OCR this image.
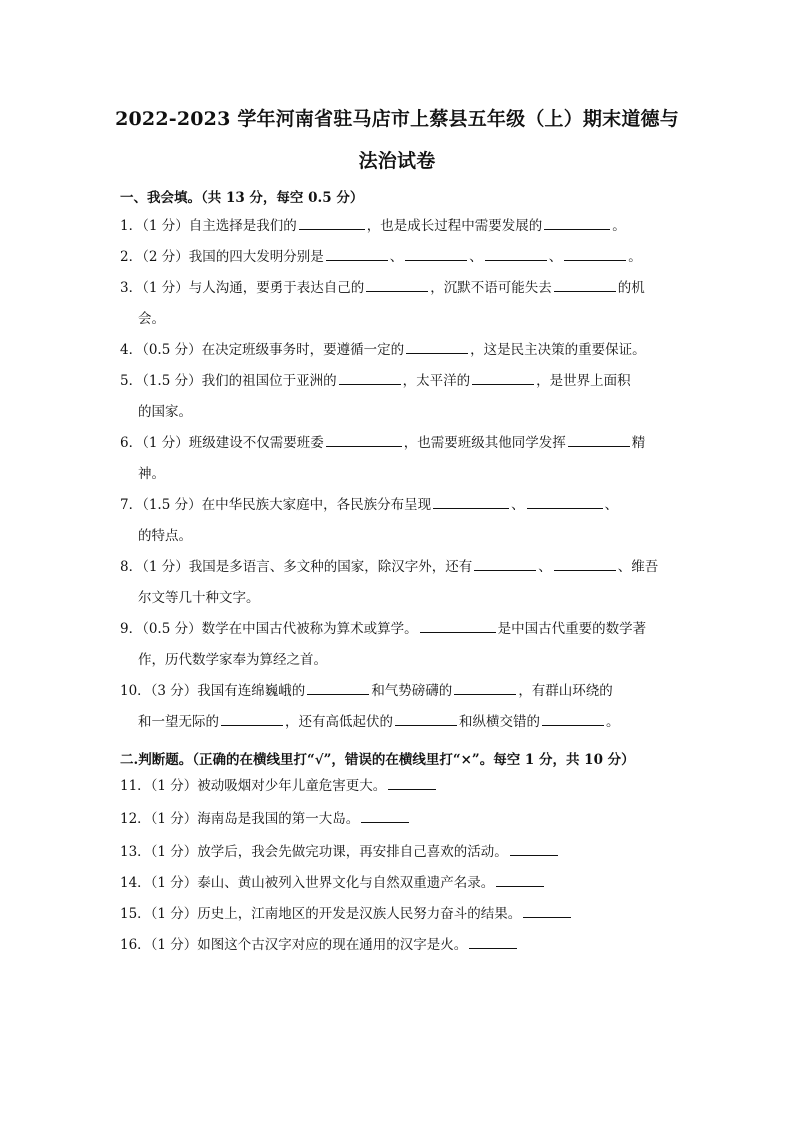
2022-2023 学年河南省驻马店市上蔡县五年级（上）期末道德与
法治试卷
一、我会填。（共 13 分，每空 0.5 分）
1．（1 分）自主选择是我们的	，也是成长过程中需要发展的	。
2．（2 分）我国的四大发明分别是	、	、	、	。
3．（1 分）与人沟通，要勇于表达自己的	，沉默不语可能失去	的机
会。
4．（0.5 分）在决定班级事务时，要遵循一定的	，这是民主决策的重要保证。
5．（1.5 分）我们的祖国位于亚洲的	，太平洋的	，是世界上面积
的国家。
6．（1 分）班级建设不仅需要班委	，也需要班级其他同学发挥	精
神。
7．（1.5 分）在中华民族大家庭中，各民族分布呈现	、	、
的特点。
8．（1 分）我国是多语言、多文种的国家，除汉字外，还有	、	、维吾
尔文等几十种文字。
9．（0.5 分）数学在中国古代被称为算术或算学。	是中国古代重要的数学著
作，历代数学家奉为算经之首。
10．（3 分）我国有连绵巍峨的	和气势磅礴的	，有群山环绕的
和一望无际的	，还有高低起伏的	和纵横交错的	。
二.判断题。（正确的在横线里打“√”，错误的在横线里打“×”。每空 1 分，共 10 分）
11．（1 分）被动吸烟对少年儿童危害更大。
12．（1 分）海南岛是我国的第一大岛。
13．（1 分）放学后，我会先做完功课，再安排自己喜欢的活动。
14．（1 分）泰山、黄山被列入世界文化与自然双重遗产名录。
15．（1 分）历史上，江南地区的开发是汉族人民努力奋斗的结果。
16．（1 分）如图这个古汉字对应的现在通用的汉字是火。
